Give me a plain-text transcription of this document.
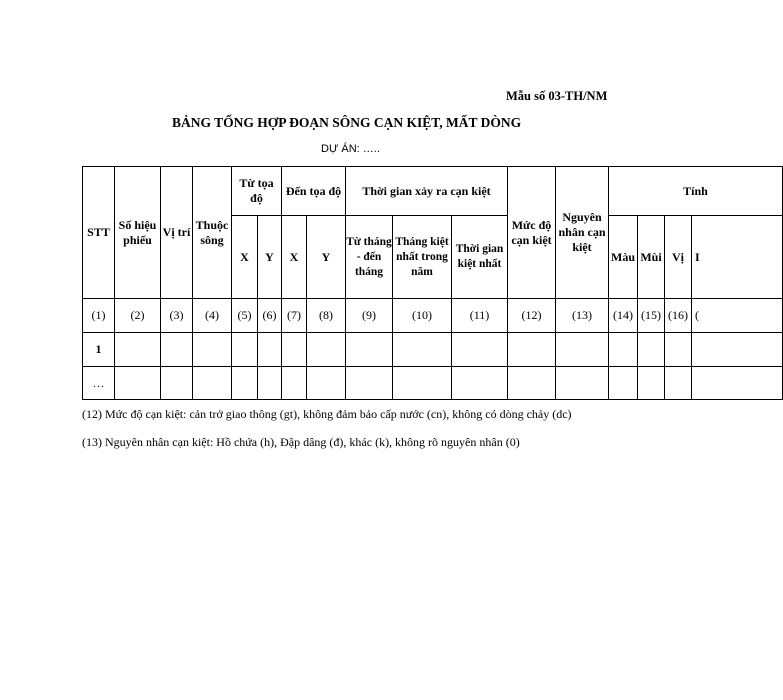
Mẫu số 03-TH/NM
BẢNG TỔNG HỢP ĐOẠN SÔNG CẠN KIỆT, MẤT DÒNG
DỰ ÁN: …..
STT	Số hiệu phiếu	Vị trí	Thuộc sông	Từ tọa độ		Đến tọa độ		Thời gian xảy ra cạn kiệt			Mức độ cạn kiệt	Nguyên nhân cạn kiệt	Tính			
				X	Y	X	Y	Từ tháng - đến tháng	Tháng kiệt nhất trong năm	Thời gian kiệt nhất			Màu	Mùi	Vị	I
(1)	(2)	(3)	(4)	(5)	(6)	(7)	(8)	(9)	(10)	(11)	(12)	(13)	(14)	(15)	(16)	(
1																
…																

(12) Mức độ cạn kiệt: cản trở giao thông (gt), không đảm bảo cấp nước (cn), không có dòng chảy (dc)

(13) Nguyên nhân cạn kiệt: Hồ chứa (h), Đập dâng (đ), khác (k), không rõ nguyên nhân (0)
